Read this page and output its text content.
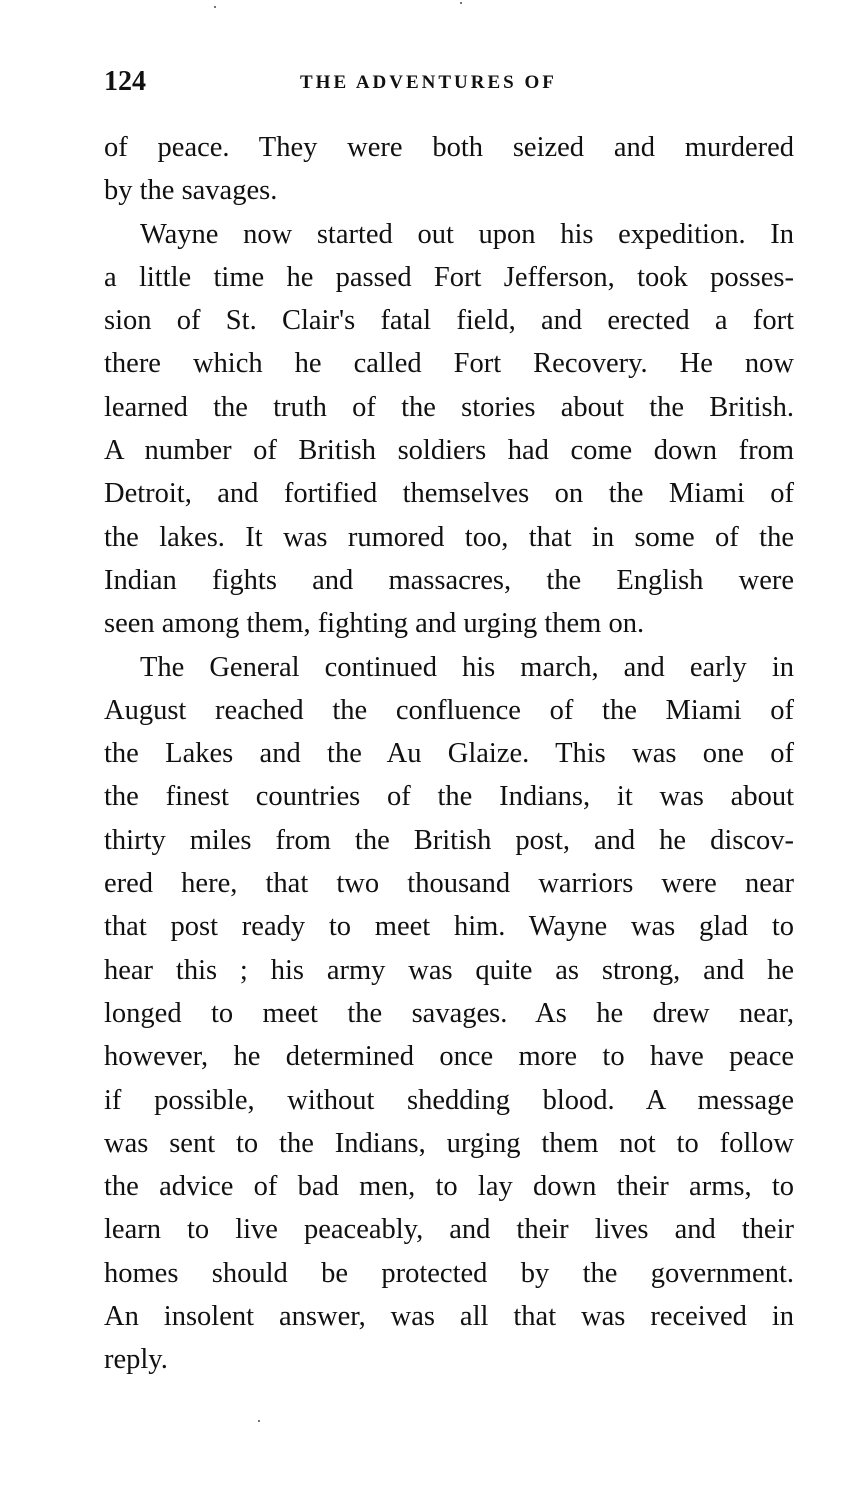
124	THE ADVENTURES OF
of peace. They were both seized and murdered
by the savages.
Wayne now started out upon his expedition. In
a little time he passed Fort Jefferson, took posses-
sion of St. Clair's fatal field, and erected a fort
there which he called Fort Recovery. He now
learned the truth of the stories about the British.
A number of British soldiers had come down from
Detroit, and fortified themselves on the Miami of
the lakes. It was rumored too, that in some of the
Indian fights and massacres, the English were
seen among them, fighting and urging them on.
The General continued his march, and early in
August reached the confluence of the Miami of
the Lakes and the Au Glaize. This was one of
the finest countries of the Indians, it was about
thirty miles from the British post, and he discov-
ered here, that two thousand warriors were near
that post ready to meet him. Wayne was glad to
hear this ; his army was quite as strong, and he
longed to meet the savages. As he drew near,
however, he determined once more to have peace
if possible, without shedding blood. A message
was sent to the Indians, urging them not to follow
the advice of bad men, to lay down their arms, to
learn to live peaceably, and their lives and their
homes should be protected by the government.
An insolent answer, was all that was received in
reply.
